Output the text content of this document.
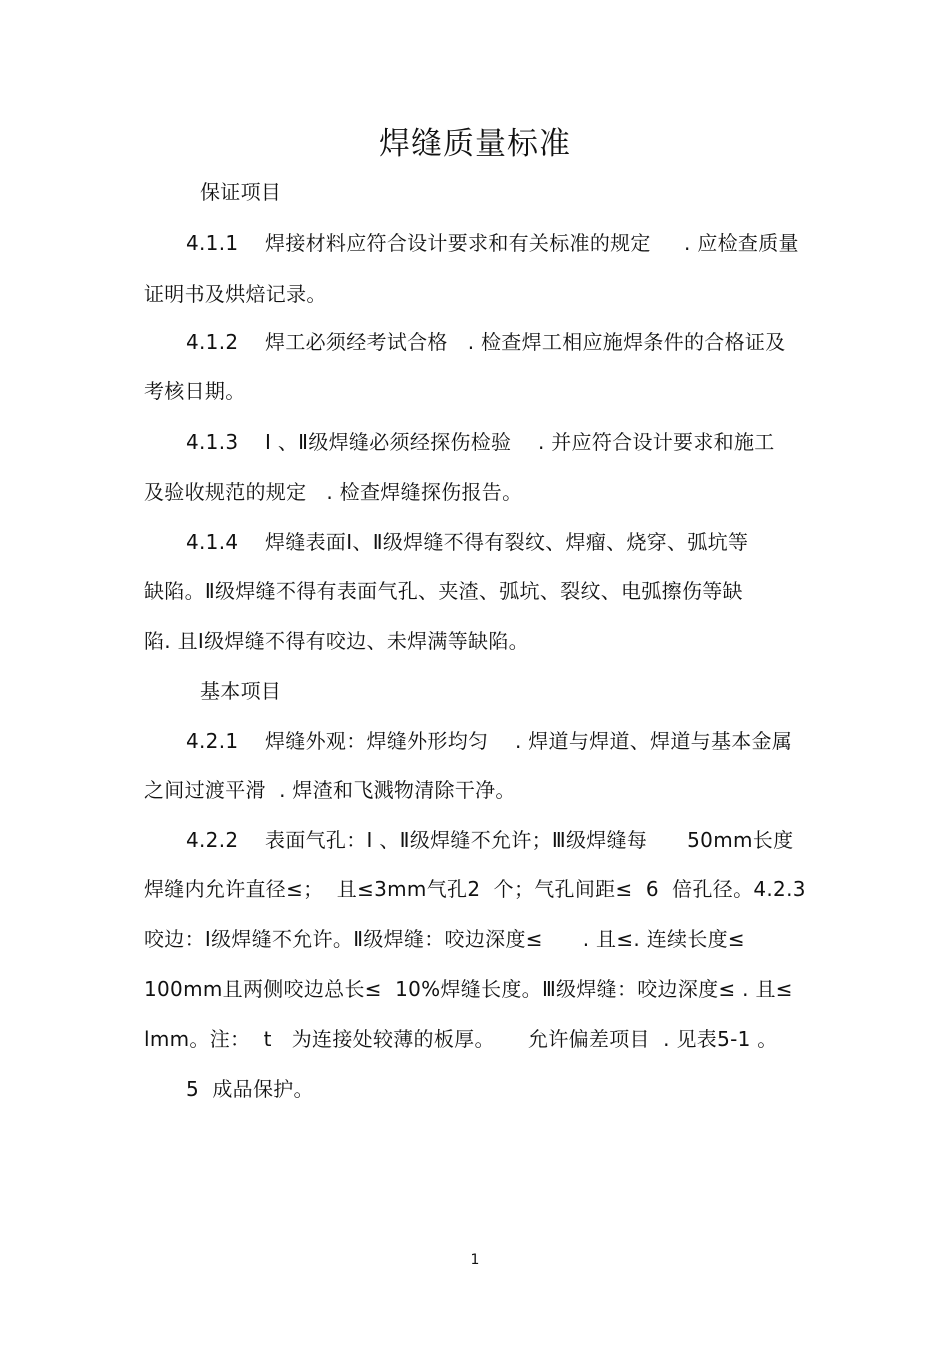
焊缝质量标准
保证项目
4.1.1    焊接材料应符合设计要求和有关标准的规定     . 应检查质量
证明书及烘焙记录。
4.1.2    焊工必须经考试合格   . 检查焊工相应施焊条件的合格证及
考核日期。
4.1.3    Ⅰ 、Ⅱ级焊缝必须经探伤检验    . 并应符合设计要求和施工
及验收规范的规定   . 检查焊缝探伤报告。
4.1.4    焊缝表面Ⅰ、Ⅱ级焊缝不得有裂纹、焊瘤、烧穿、弧坑等
缺陷。Ⅱ级焊缝不得有表面气孔、夹渣、弧坑、裂纹、电弧擦伤等缺
陷. 且Ⅰ级焊缝不得有咬边、未焊满等缺陷。
基本项目
4.2.1    焊缝外观：焊缝外形均匀    . 焊道与焊道、焊道与基本金属
之间过渡平滑  . 焊渣和飞溅物清除干净。
4.2.2    表面气孔：Ⅰ 、Ⅱ级焊缝不允许；Ⅲ级焊缝每      50mm长度
焊缝内允许直径≤；  且≤3mm气孔2  个；气孔间距≤  6  倍孔径。4.2.3
咬边：Ⅰ级焊缝不允许。Ⅱ级焊缝：咬边深度≤      . 且≤. 连续长度≤
100mm且两侧咬边总长≤  10%焊缝长度。Ⅲ级焊缝：咬边深度≤ . 且≤
lmm。注：  t   为连接处较薄的板厚。     允许偏差项目  . 见表5-1 。
5  成品保护。
1
